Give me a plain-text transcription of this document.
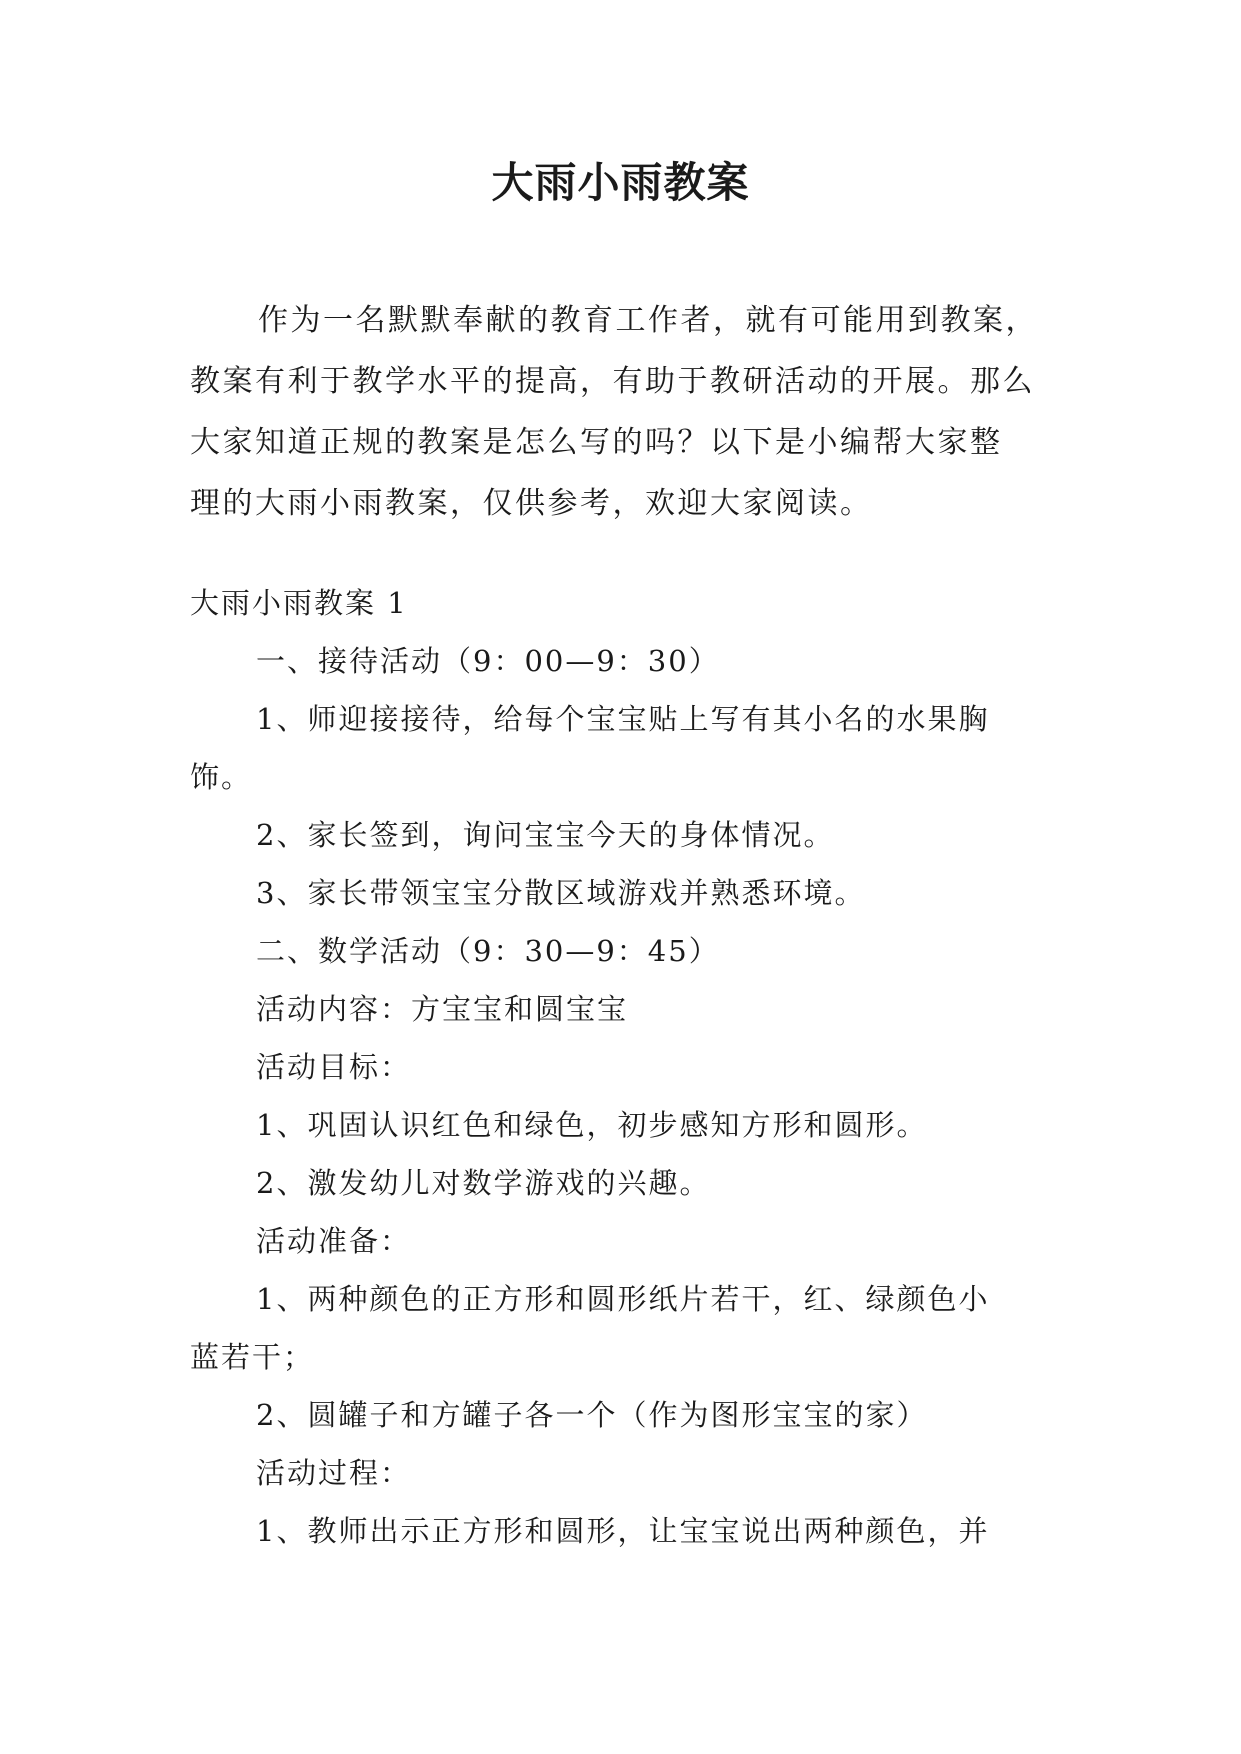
大雨小雨教案

作为一名默默奉献的教育工作者，就有可能用到教案，

教案有利于教学水平的提高，有助于教研活动的开展。那么

大家知道正规的教案是怎么写的吗？以下是小编帮大家整

理的大雨小雨教案，仅供参考，欢迎大家阅读。

大雨小雨教案 1
一、接待活动（9：00—9：30）
1、师迎接接待，给每个宝宝贴上写有其小名的水果胸
饰。
2、家长签到，询问宝宝今天的身体情况。
3、家长带领宝宝分散区域游戏并熟悉环境。
二、数学活动（9：30—9：45）
活动内容：方宝宝和圆宝宝
活动目标：
1、巩固认识红色和绿色，初步感知方形和圆形。
2、激发幼儿对数学游戏的兴趣。
活动准备：
1、两种颜色的正方形和圆形纸片若干，红、绿颜色小
蓝若干；
2、圆罐子和方罐子各一个（作为图形宝宝的家）
活动过程：
1、教师出示正方形和圆形，让宝宝说出两种颜色，并
